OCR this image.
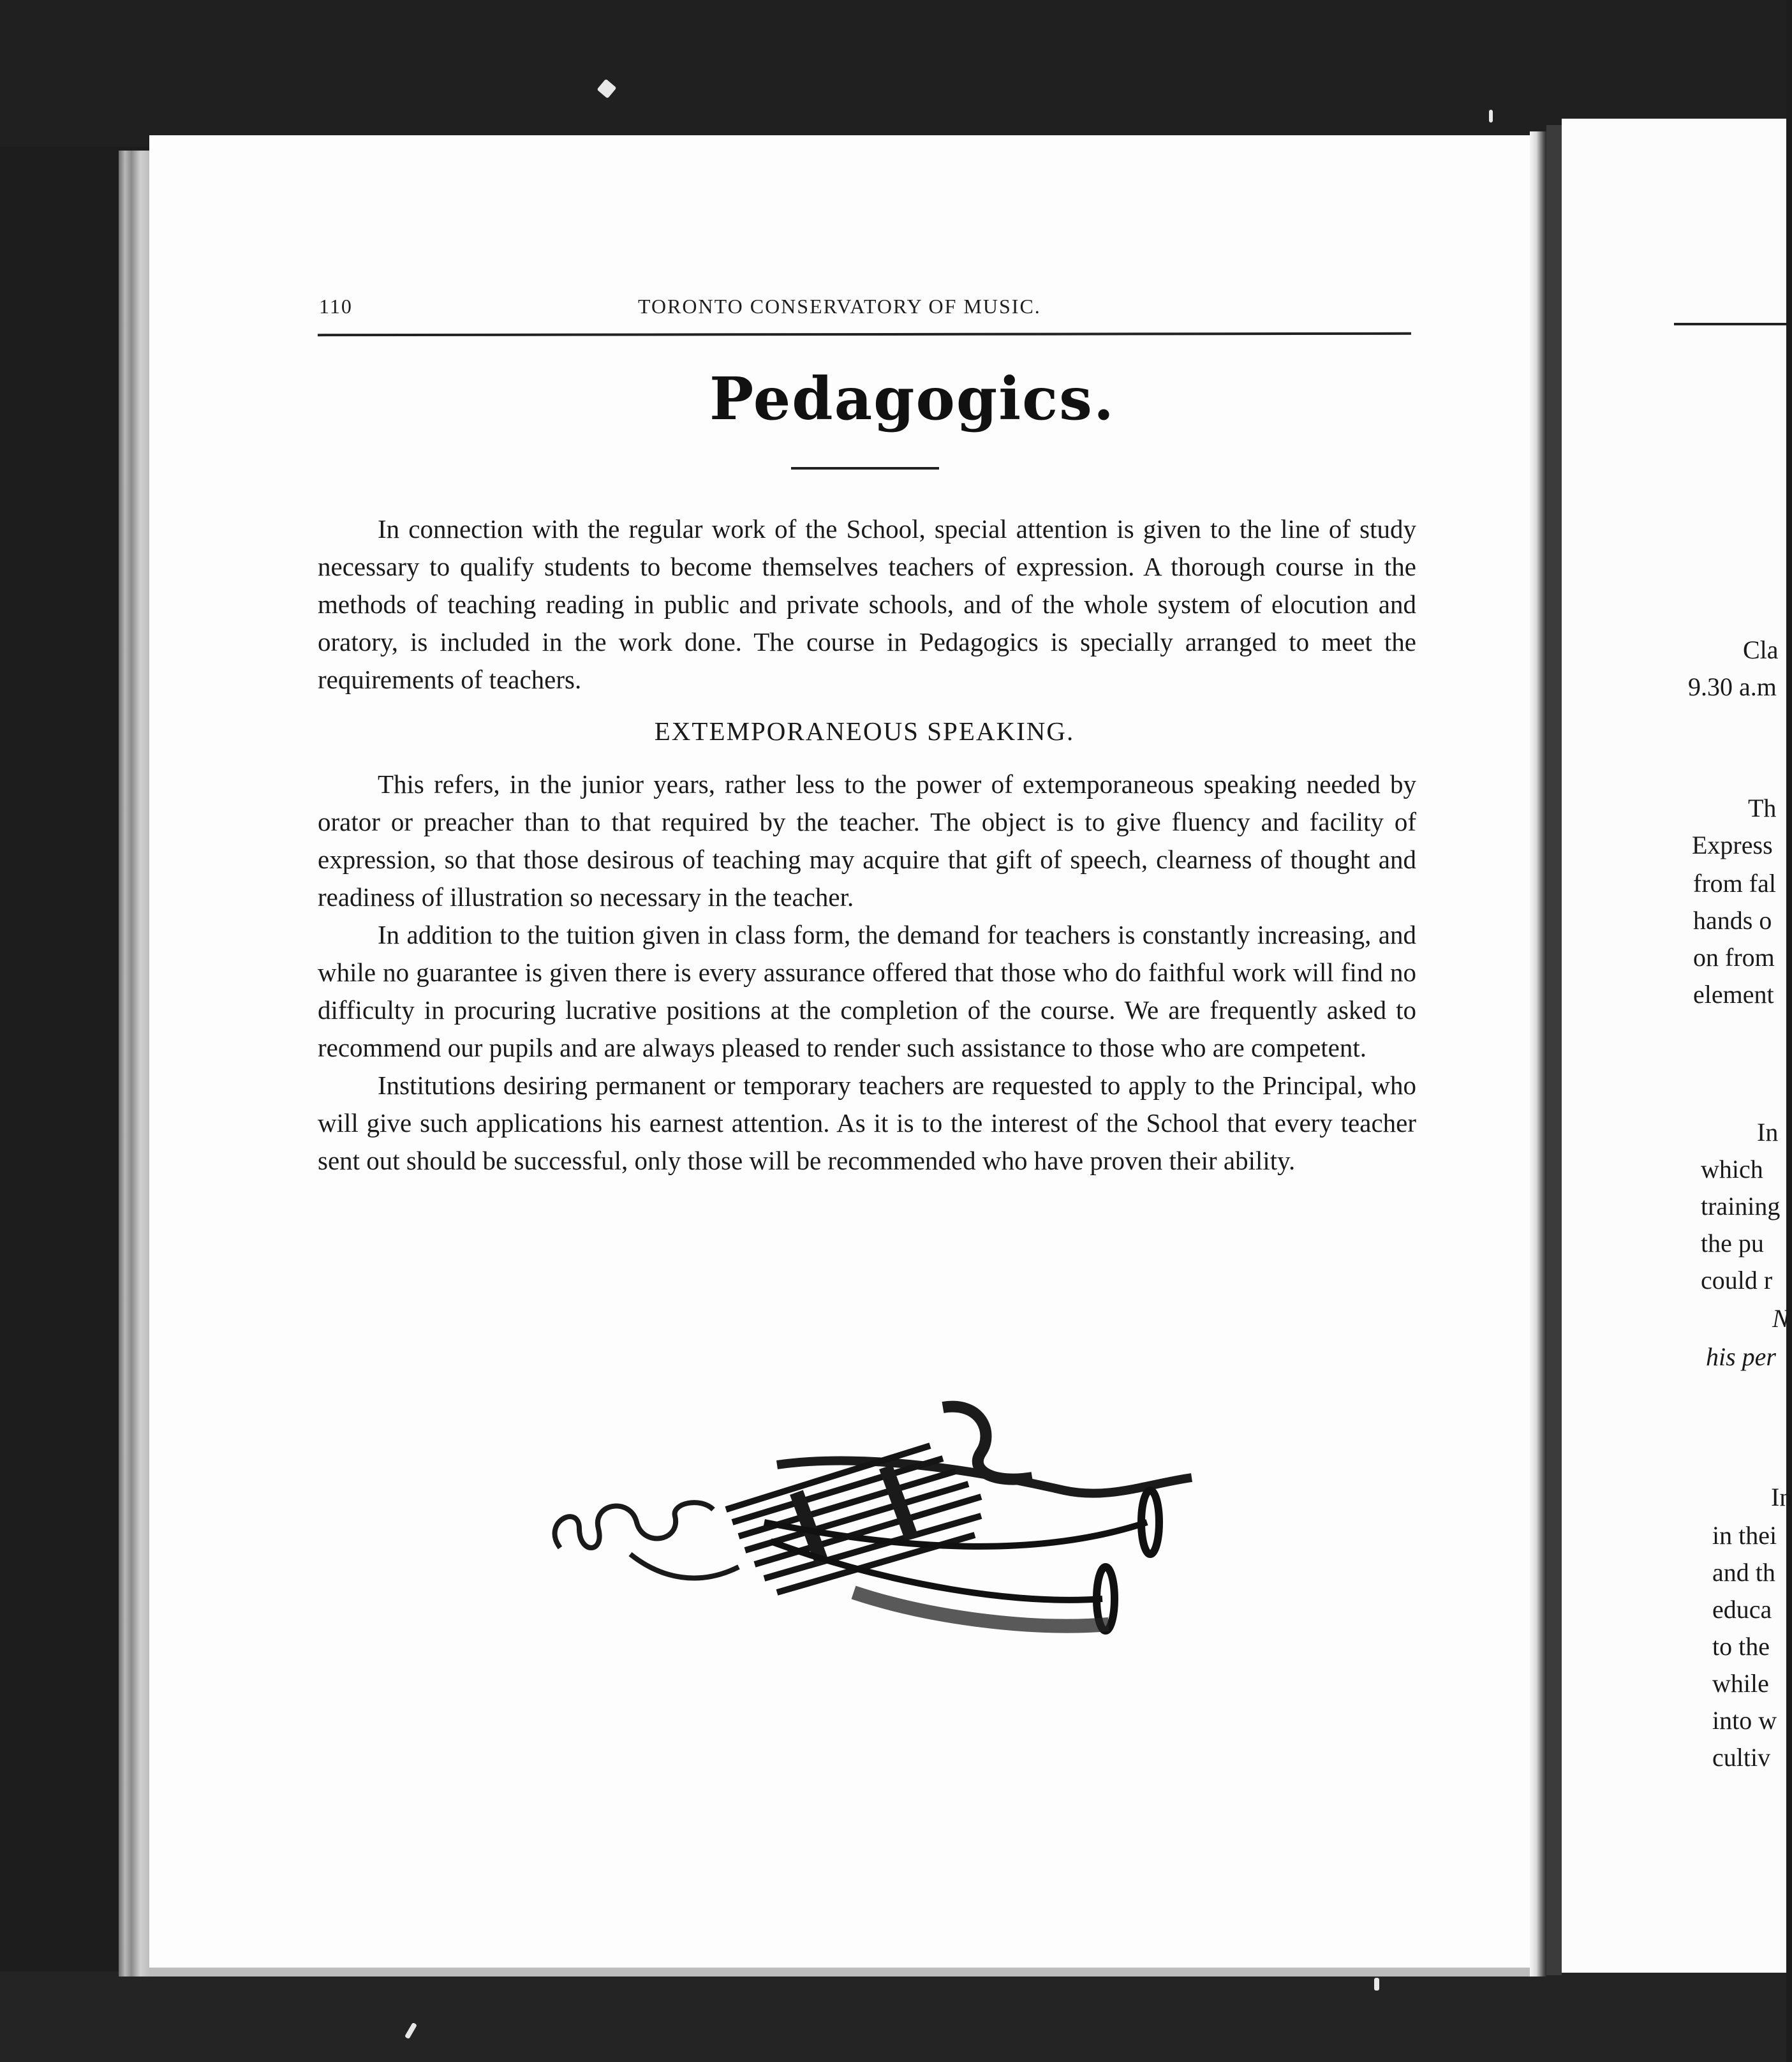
110	TORONTO CONSERVATORY OF MUSIC.
Pedagogics.

In connection with the regular work of the School, special attention is given to the line of study necessary to qualify students to become themselves teachers of expression. A thorough course in the methods of teaching reading in public and private schools, and of the whole system of elocution and oratory, is included in the work done. The course in Pedagogics is specially arranged to meet the requirements of teachers.

EXTEMPORANEOUS SPEAKING.

This refers, in the junior years, rather less to the power of extemporaneous speaking needed by orator or preacher than to that required by the teacher. The object is to give fluency and facility of expression, so that those desirous of teaching may acquire that gift of speech, clearness of thought and readiness of illustration so necessary in the teacher.

In addition to the tuition given in class form, the demand for teachers is constantly increasing, and while no guarantee is given there is every assurance offered that those who do faithful work will find no difficulty in procuring lucrative positions at the completion of the course. We are frequently asked to recommend our pupils and are always pleased to render such assistance to those who are competent.

Institutions desiring permanent or temporary teachers are requested to apply to the Principal, who will give such applications his earnest attention. As it is to the interest of the School that every teacher sent out should be successful, only those will be recommended who have proven their ability.

Cla
9.30 a.m
Th
Express
from fal
hands o
on from
element
In
which
training
the pu
could r
N
his per
In
in thei
and th
educa
to the
while
into w
cultiv
